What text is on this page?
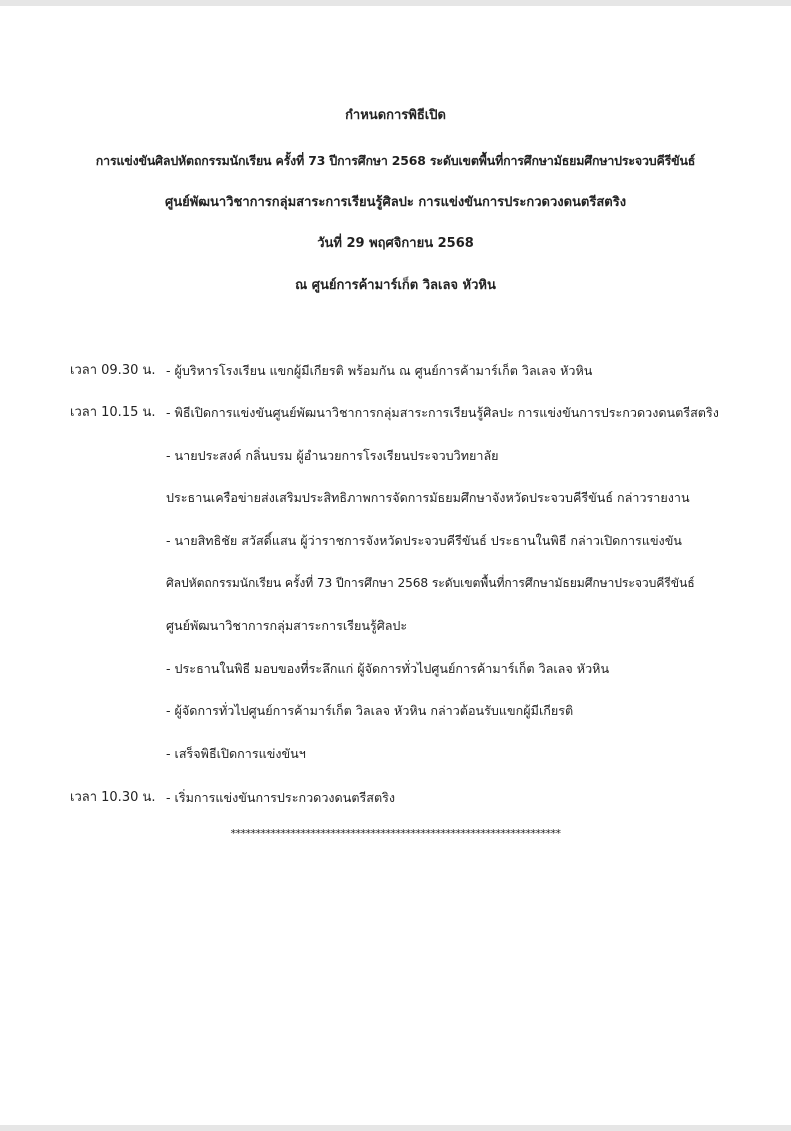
กำหนดการพิธีเปิด
การแข่งขันศิลปหัตถกรรมนักเรียน ครั้งที่ 73 ปีการศึกษา 2568 ระดับเขตพื้นที่การศึกษามัธยมศึกษาประจวบคีรีขันธ์
ศูนย์พัฒนาวิชาการกลุ่มสาระการเรียนรู้ศิลปะ การแข่งขันการประกวดวงดนตรีสตริง
วันที่ 29 พฤศจิกายน 2568
ณ ศูนย์การค้ามาร์เก็ต วิลเลจ หัวหิน
เวลา 09.30 น. - ผู้บริหารโรงเรียน แขกผู้มีเกียรติ พร้อมกัน ณ ศูนย์การค้ามาร์เก็ต วิลเลจ หัวหิน
เวลา 10.15 น. - พิธีเปิดการแข่งขันศูนย์พัฒนาวิชาการกลุ่มสาระการเรียนรู้ศิลปะ การแข่งขันการประกวดวงดนตรีสตริง
- นายประสงค์ กลิ่นบรม ผู้อำนวยการโรงเรียนประจวบวิทยาลัย
ประธานเครือข่ายส่งเสริมประสิทธิภาพการจัดการมัธยมศึกษาจังหวัดประจวบคีรีขันธ์ กล่าวรายงาน
- นายสิทธิชัย สวัสดิ์แสน ผู้ว่าราชการจังหวัดประจวบคีรีขันธ์ ประธานในพิธี กล่าวเปิดการแข่งขัน
ศิลปหัตถกรรมนักเรียน ครั้งที่ 73 ปีการศึกษา 2568 ระดับเขตพื้นที่การศึกษามัธยมศึกษาประจวบคีรีขันธ์
ศูนย์พัฒนาวิชาการกลุ่มสาระการเรียนรู้ศิลปะ
- ประธานในพิธี มอบของที่ระลึกแก่ ผู้จัดการทั่วไปศูนย์การค้ามาร์เก็ต วิลเลจ หัวหิน
- ผู้จัดการทั่วไปศูนย์การค้ามาร์เก็ต วิลเลจ หัวหิน กล่าวต้อนรับแขกผู้มีเกียรติ
- เสร็จพิธีเปิดการแข่งขันฯ
เวลา 10.30 น. - เริ่มการแข่งขันการประกวดวงดนตรีสตริง
******************************************************************
